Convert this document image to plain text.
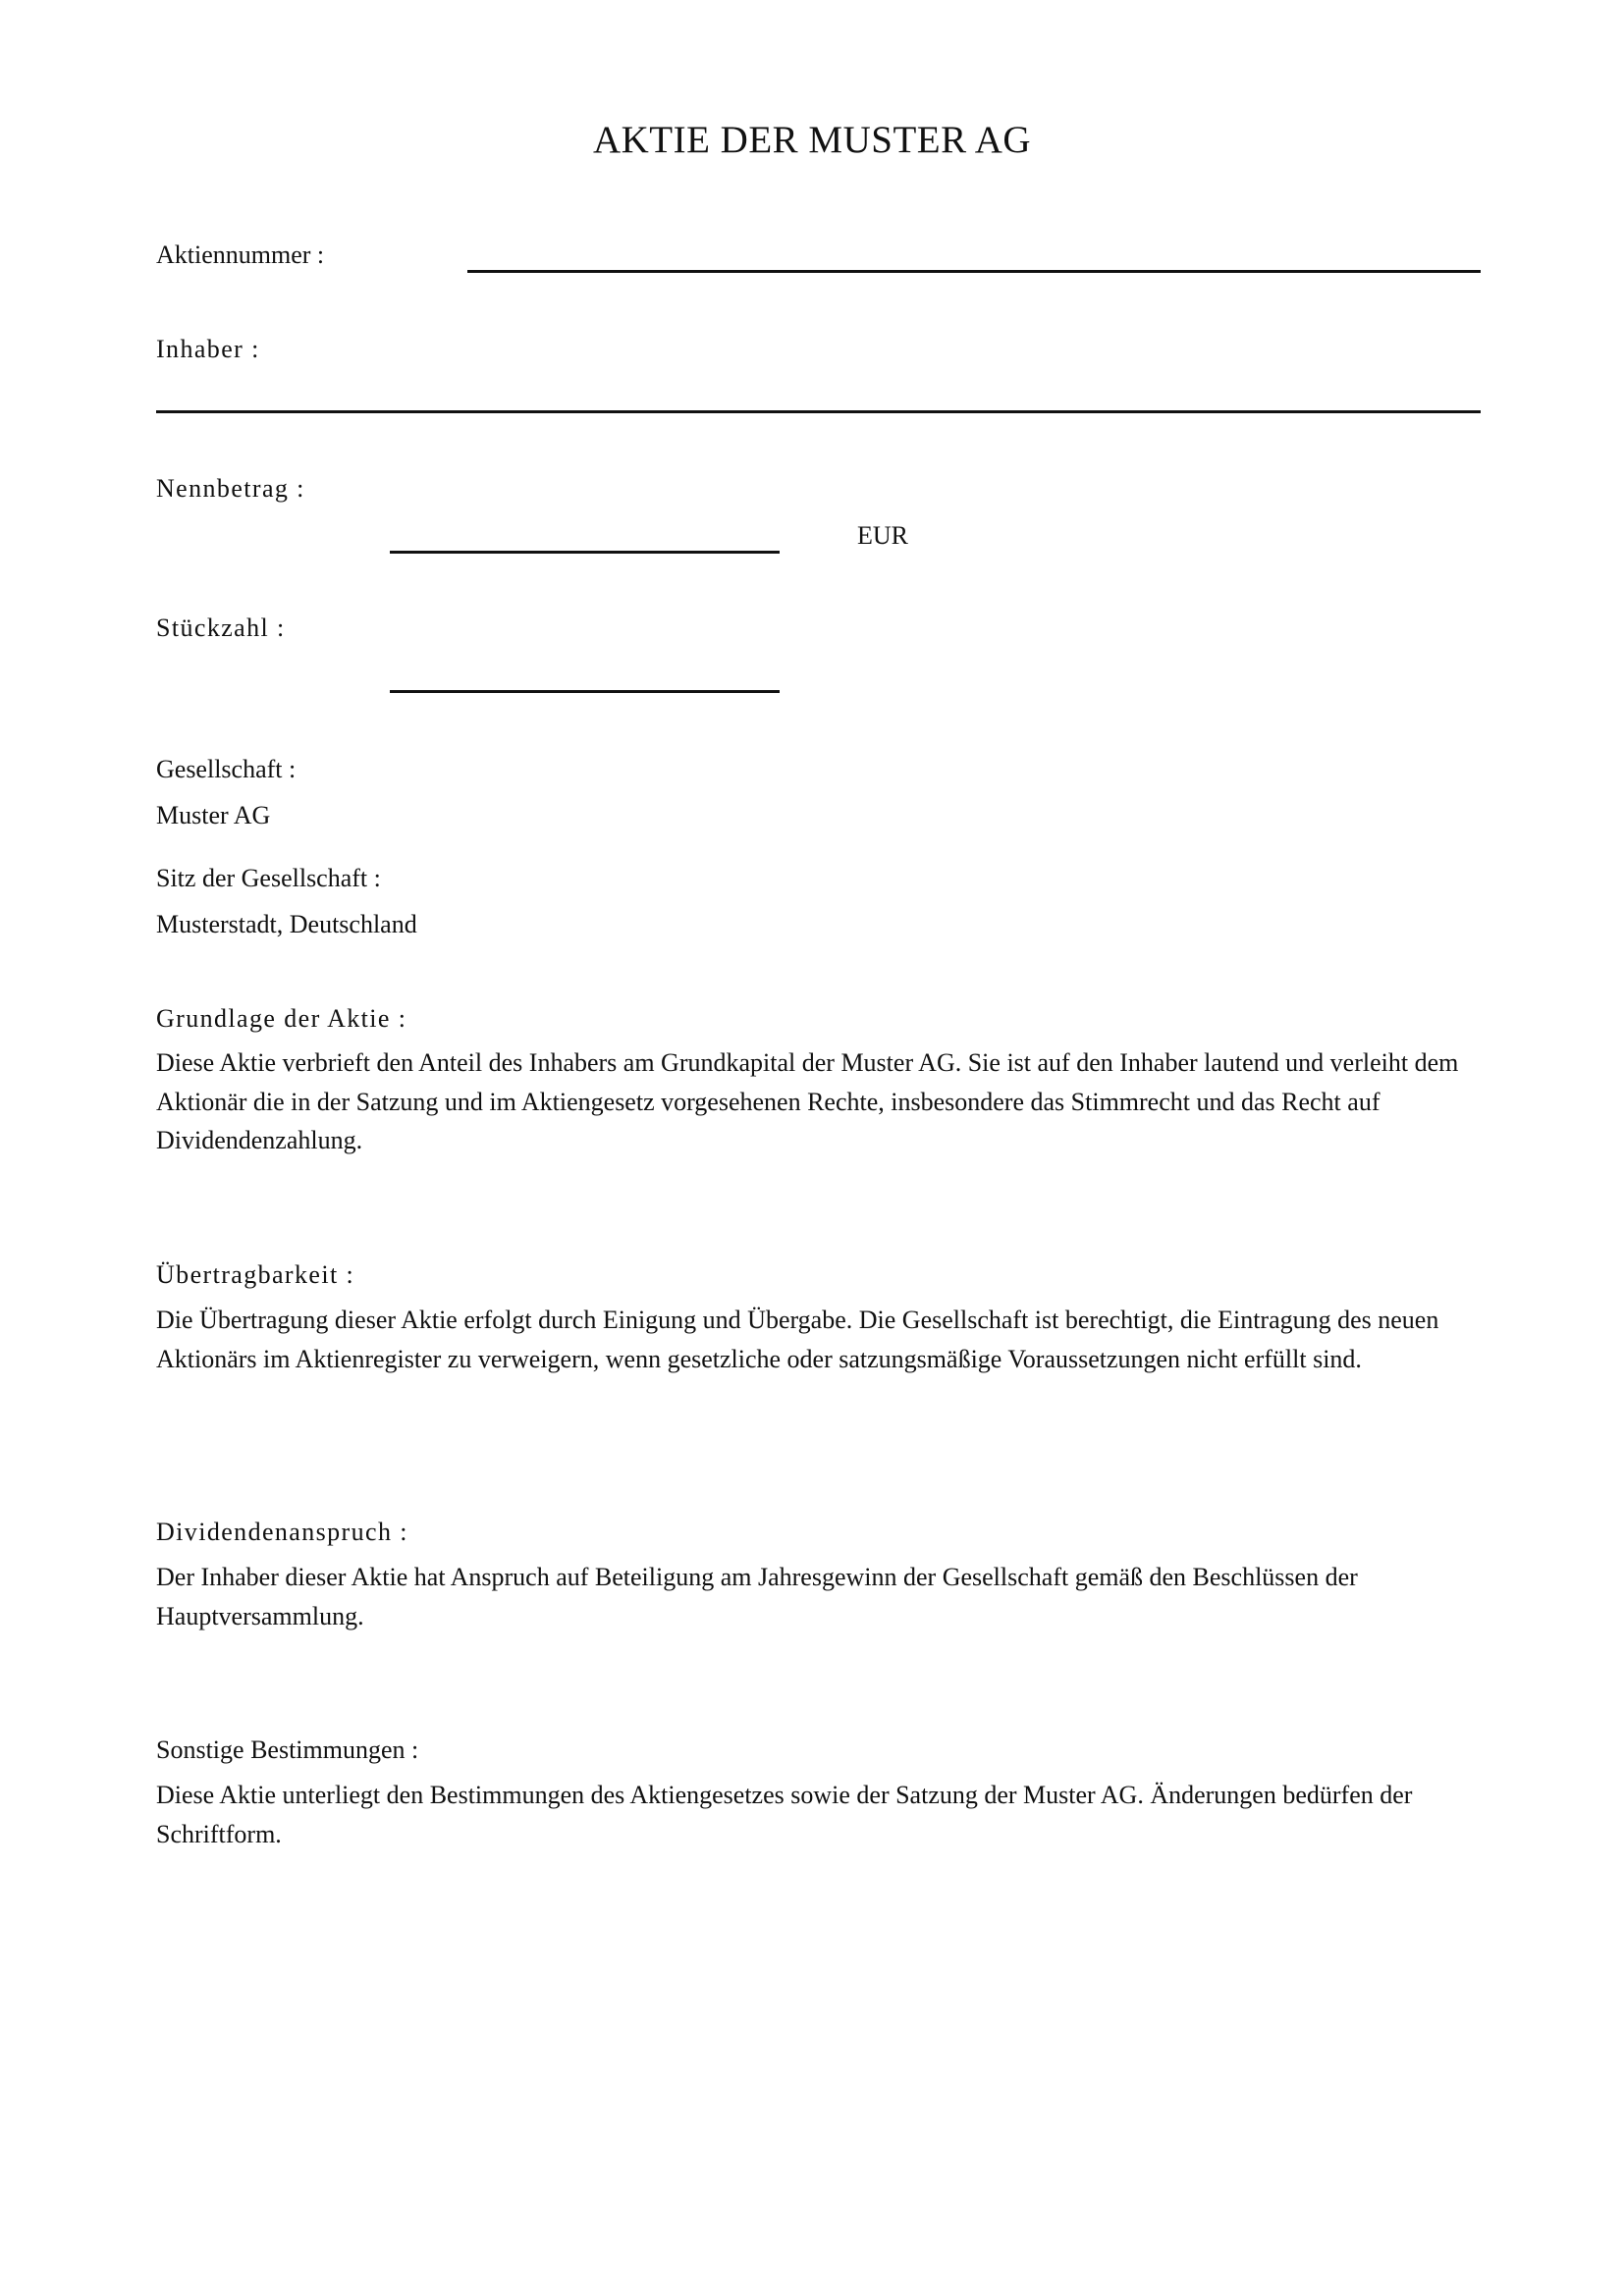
AKTIE DER MUSTER AG
Aktiennummer :
Inhaber :
Nennbetrag :
EUR
Stückzahl :
Gesellschaft :
Muster AG
Sitz der Gesellschaft :
Musterstadt, Deutschland
Grundlage der Aktie :
Diese Aktie verbrieft den Anteil des Inhabers am Grundkapital der Muster AG. Sie ist auf den Inhaber lautend und verleiht dem Aktionär die in der Satzung und im Aktiengesetz vorgesehenen Rechte, insbesondere das Stimmrecht und das Recht auf Dividendenzahlung.
Übertragbarkeit :
Die Übertragung dieser Aktie erfolgt durch Einigung und Übergabe. Die Gesellschaft ist berechtigt, die Eintragung des neuen Aktionärs im Aktienregister zu verweigern, wenn gesetzliche oder satzungsmäßige Voraussetzungen nicht erfüllt sind.
Dividendenanspruch :
Der Inhaber dieser Aktie hat Anspruch auf Beteiligung am Jahresgewinn der Gesellschaft gemäß den Beschlüssen der Hauptversammlung.
Sonstige Bestimmungen :
Diese Aktie unterliegt den Bestimmungen des Aktiengesetzes sowie der Satzung der Muster AG. Änderungen bedürfen der Schriftform.
